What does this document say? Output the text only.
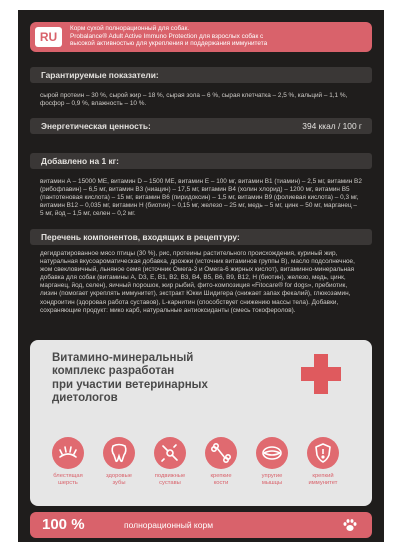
RU
Корм сухой полнорационный для собак.
Probalance® Adult Active Immuno Protection для взрослых собак с
высокой активностью для укрепления и поддержания иммунитета
Гарантируемые показатели:
сырой протеин – 30 %, сырой жир – 18 %, сырая зола – 6 %, сырая клетчатка – 2,5 %, кальций – 1,1 %, фосфор – 0,9 %, влажность – 10 %.
Энергетическая ценность:	394 ккал / 100 г
Добавлено на 1 кг:
витамин А – 15000 МЕ, витамин D – 1500 МЕ, витамин Е – 100 мг, витамин В1 (тиамин) – 2,5 мг, витамин В2 (рибофлавин) – 6,5 мг, витамин В3 (ниацин) – 17,5 мг, витамин В4 (холин хлорид) – 1200 мг, витамин В5 (пантотеновая кислота) – 15 мг, витамин В6 (пиридоксин) – 1,5 мг, витамин В9 (фолиевая кислота) – 0,3 мг, витамин В12 – 0,035 мг, витамин Н (биотин) – 0,15 мг, железо – 25 мг, медь – 5 мг, цинк – 50 мг, марганец – 5 мг, йод – 1,5 мг, селен – 0,2 мг.
Перечень компонентов, входящих в рецептуру:
дегидратированное мясо птицы (30 %), рис, протеины растительного происхождения, куриный жир, натуральная вкусоароматическая добавка, дрожжи (источник витаминов группы В), масло подсолнечное, жом свекловичный, льняное семя (источник Омега-3 и Омега-6 жирных кислот), витаминно-минеральная добавка для собак (витамины А, D3, E, B1, B2, B3, B4, B5, B6, B9, B12, H (биотин), железо, медь, цинк, марганец, йод, селен), яичный порошок, жир рыбий, фито-композиция «Fitocare® for dogs», пребиотик, лизин (помогает укреплять иммунитет), экстракт Юкки Шидигера (снижает запах фекалий), глюкозамин, хондроитин (здоровая работа суставов), L-карнитин (способствует снижению массы тела). Добавки, сохраняющие продукт: мико карб, натуральные антиоксиданты (смесь токоферолов).
Витамино-минеральный
комплекс разработан
при участии ветеринарных
диетологов
блестящая
шерсть
здоровые
зубы
подвижные
суставы
крепкие
кости
упругие
мышцы
крепкий
иммунитет
100 %	полнорационный корм
